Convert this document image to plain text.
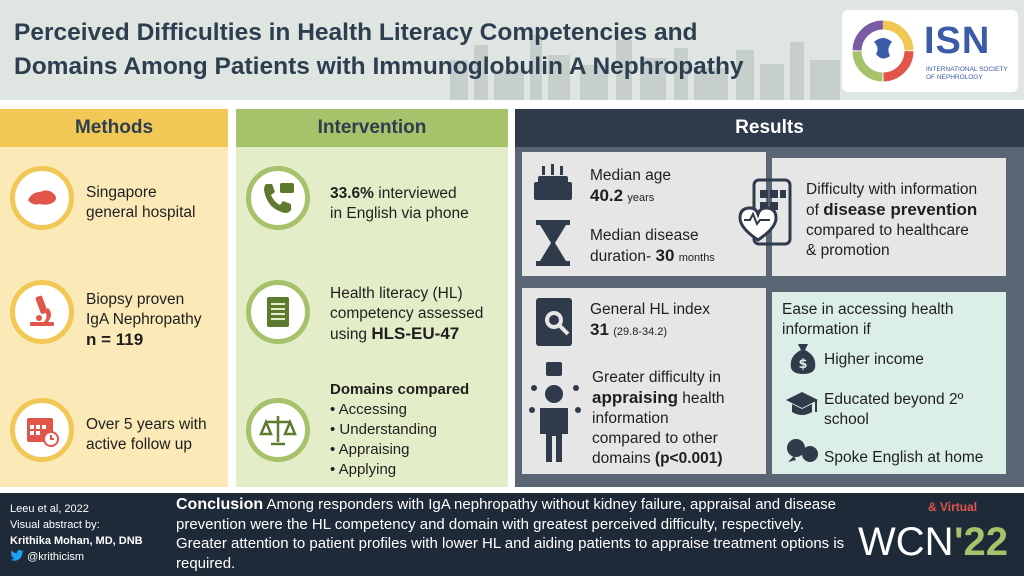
Perceived Difficulties in Health Literacy Competencies and
Domains Among Patients with Immunoglobulin A Nephropathy
ISN
INTERNATIONAL SOCIETY OF NEPHROLOGY
Methods
Singapore
general hospital
Biopsy proven
IgA Nephropathy
n = 119
Over 5 years with
active follow up
Intervention
33.6% interviewed
in English via phone
Health literacy (HL)
competency assessed
using HLS-EU-47
Domains compared
• Accessing
• Understanding
• Appraising
• Applying
Results
Median age
40.2 years
Median disease
duration- 30 months
Difficulty with information
of disease prevention
compared to healthcare
& promotion
General HL index
31 (29.8-34.2)
Greater difficulty in
appraising health
information
compared to other
domains (p<0.001)
Ease in accessing health
information if
$ Higher income
Educated beyond 2º
school
Spoke English at home
Leeu et al, 2022
Visual abstract by:
Krithika Mohan, MD, DNB
@krithicism
Conclusion Among responders with IgA nephropathy without kidney failure, appraisal and disease prevention were the HL competency and domain with greatest perceived difficulty, respectively. Greater attention to patient profiles with lower HL and aiding patients to appraise treatment options is required.
& Virtual
WCN '22
